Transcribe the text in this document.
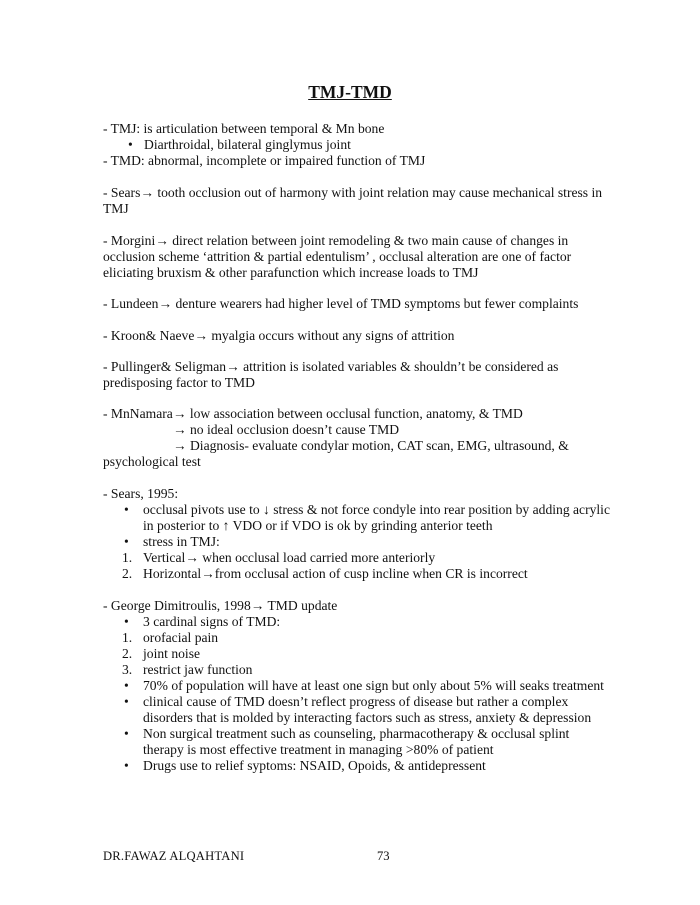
TMJ-TMD
- TMJ: is articulation between temporal & Mn bone
• Diarthroidal, bilateral ginglymus joint
- TMD: abnormal, incomplete or impaired function of TMJ
- Sears→ tooth occlusion out of harmony with joint relation may cause mechanical stress in
TMJ
- Morgini→ direct relation between joint remodeling & two main cause of changes in
occlusion scheme ‘attrition & partial edentulism’ , occlusal alteration are one of factor
eliciating bruxism & other parafunction which increase loads to TMJ
- Lundeen→ denture wearers had higher level of TMD symptoms but fewer complaints
- Kroon& Naeve→ myalgia occurs without any signs of attrition
- Pullinger& Seligman→ attrition is isolated variables & shouldn’t be considered as
predisposing factor to TMD
- MnNamara→ low association between occlusal function, anatomy, & TMD
→ no ideal occlusion doesn’t cause TMD
→ Diagnosis- evaluate condylar motion, CAT scan, EMG, ultrasound, &
psychological test
- Sears, 1995:
• occlusal pivots use to ↓ stress & not force condyle into rear position by adding acrylic
in posterior to ↑ VDO or if VDO is ok by grinding anterior teeth
• stress in TMJ:
1. Vertical→ when occlusal load carried more anteriorly
2. Horizontal→from occlusal action of cusp incline when CR is incorrect
- George Dimitroulis, 1998→ TMD update
• 3 cardinal signs of TMD:
1. orofacial pain
2. joint noise
3. restrict jaw function
• 70% of population will have at least one sign but only about 5% will seaks treatment
• clinical cause of TMD doesn’t reflect progress of disease but rather a complex
disorders that is molded by interacting factors such as stress, anxiety & depression
• Non surgical treatment such as counseling, pharmacotherapy & occlusal splint
therapy is most effective treatment in managing >80% of patient
• Drugs use to relief syptoms: NSAID, Opoids, & antidepressent
DR.FAWAZ ALQAHTANI	73
